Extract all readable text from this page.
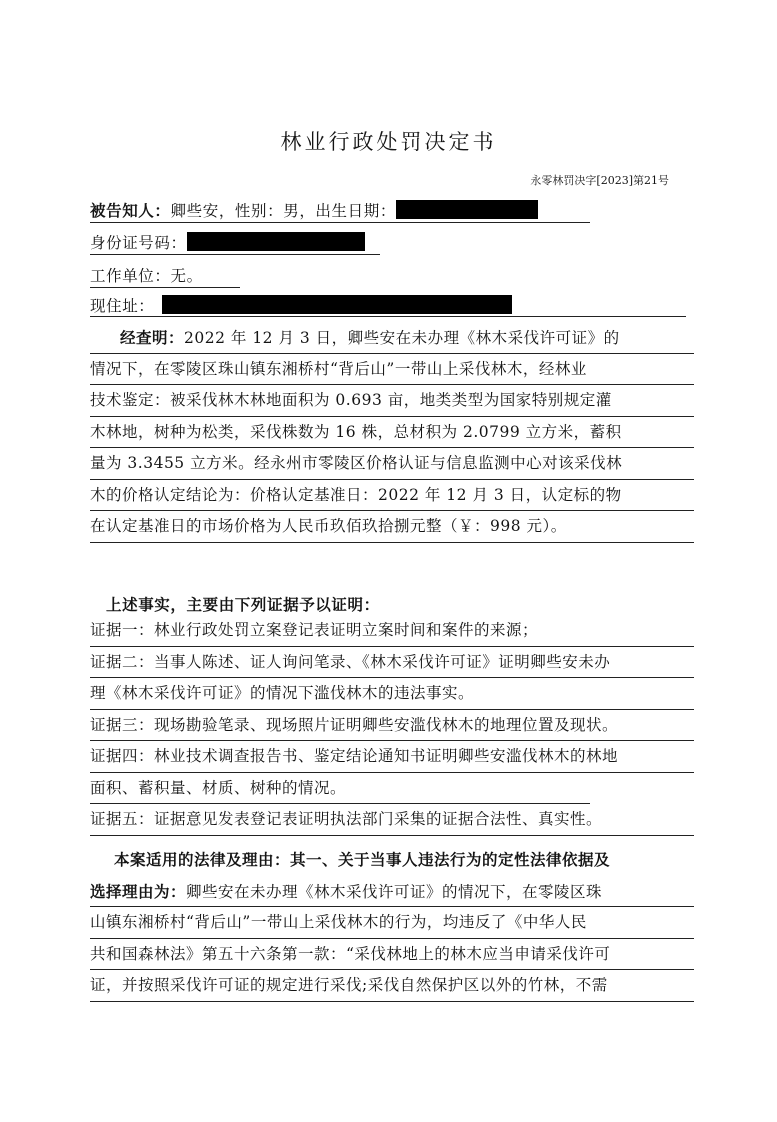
林业行政处罚决定书
永零林罚决字[2023]第21号
被告知人：卿些安，性别：男，出生日期：
身份证号码：
工作单位：无。
现住址：
经查明：2022 年 12 月 3 日，卿些安在未办理《林木采伐许可证》的
情况下，在零陵区珠山镇东湘桥村“背后山”一带山上采伐林木，经林业
技术鉴定：被采伐林木林地面积为 0.693 亩，地类类型为国家特别规定灌
木林地，树种为松类，采伐株数为 16 株，总材积为 2.0799 立方米，蓄积
量为 3.3455 立方米。经永州市零陵区价格认证与信息监测中心对该采伐林
木的价格认定结论为：价格认定基准日：2022 年 12 月 3 日，认定标的物
在认定基准日的市场价格为人民币玖佰玖拾捌元整（￥：998 元）。
上述事实，主要由下列证据予以证明：
证据一：林业行政处罚立案登记表证明立案时间和案件的来源；
证据二：当事人陈述、证人询问笔录、《林木采伐许可证》证明卿些安未办
理《林木采伐许可证》的情况下滥伐林木的违法事实。
证据三：现场勘验笔录、现场照片证明卿些安滥伐林木的地理位置及现状。
证据四：林业技术调查报告书、鉴定结论通知书证明卿些安滥伐林木的林地
面积、蓄积量、材质、树种的情况。
证据五：证据意见发表登记表证明执法部门采集的证据合法性、真实性。
本案适用的法律及理由：其一、关于当事人违法行为的定性法律依据及
选择理由为：卿些安在未办理《林木采伐许可证》的情况下，在零陵区珠
山镇东湘桥村“背后山”一带山上采伐林木的行为，均违反了《中华人民
共和国森林法》第五十六条第一款：“采伐林地上的林木应当申请采伐许可
证，并按照采伐许可证的规定进行采伐;采伐自然保护区以外的竹林，不需
